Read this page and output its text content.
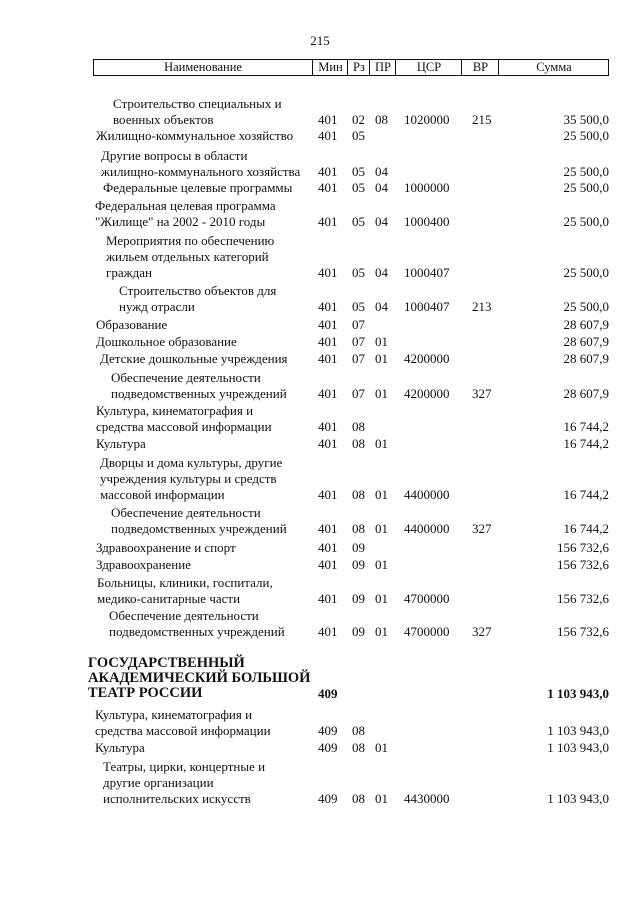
215
Наименование	Мин Рз ПР	ЦСР	ВР	Сумма
Строительство специальных и
военных объектов	401 02 08 1020000 215	35 500,0
Жилищно-коммунальное хозяйство 401 05	25 500,0
Другие вопросы в области
жилищно-коммунального хозяйства 401 05 04	25 500,0
Федеральные целевые программы 401 05 04 1000000	25 500,0
Федеральная целевая программа
"Жилище" на 2002 - 2010 годы	401 05 04 1000400	25 500,0
Мероприятия по обеспечению
жильем отдельных категорий
граждан	401 05 04 1000407	25 500,0
Строительство объектов для
нужд отрасли	401 05 04 1000407 213	25 500,0
Образование	401 07	28 607,9
Дошкольное образование	401 07 01	28 607,9
Детские дошкольные учреждения 401 07 01 4200000	28 607,9
Обеспечение деятельности
подведомственных учреждений 401 07 01 4200000 327	28 607,9
Культура, кинематография и
средства массовой информации	401 08	16 744,2
Культура	401 08 01	16 744,2
Дворцы и дома культуры, другие
учреждения культуры и средств
массовой информации	401 08 01 4400000	16 744,2
Обеспечение деятельности
подведомственных учреждений 401 08 01 4400000 327	16 744,2
Здравоохранение и спорт	401 09	156 732,6
Здравоохранение	401 09 01	156 732,6
Больницы, клиники, госпитали,
медико-санитарные части	401 09 01 4700000	156 732,6
Обеспечение деятельности
подведомственных учреждений	401 09 01 4700000 327	156 732,6
ГОСУДАРСТВЕННЫЙ
АКАДЕМИЧЕСКИЙ БОЛЬШОЙ
ТЕАТР РОССИИ	409	1 103 943,0
Культура, кинематография и
средства массовой информации	409 08	1 103 943,0
Культура	409 08 01	1 103 943,0
Театры, цирки, концертные и
другие организации
исполнительских искусств	409 08 01 4430000	1 103 943,0
